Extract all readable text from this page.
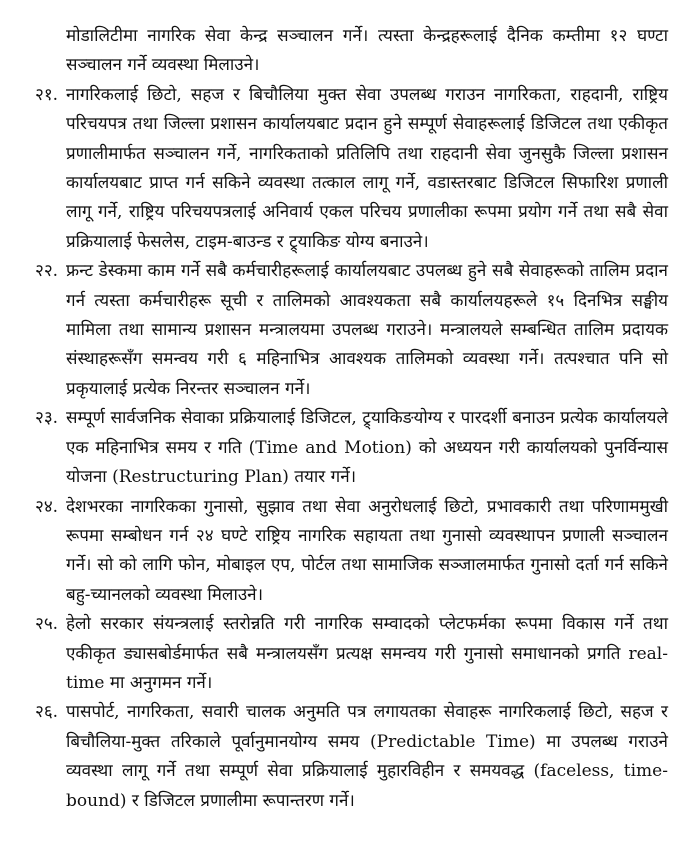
मोडालिटीमा नागरिक सेवा केन्द्र सञ्चालन गर्ने। त्यस्ता केन्द्रहरूलाई दैनिक कम्तीमा १२ घण्टा सञ्चालन गर्ने व्यवस्था मिलाउने।

२१. नागरिकलाई छिटो, सहज र बिचौलिया मुक्त सेवा उपलब्ध गराउन नागरिकता, राहदानी, राष्ट्रिय परिचयपत्र तथा जिल्ला प्रशासन कार्यालयबाट प्रदान हुने सम्पूर्ण सेवाहरूलाई डिजिटल तथा एकीकृत प्रणालीमार्फत सञ्चालन गर्ने, नागरिकताको प्रतिलिपि तथा राहदानी सेवा जुनसुकै जिल्ला प्रशासन कार्यालयबाट प्राप्त गर्न सकिने व्यवस्था तत्काल लागू गर्ने, वडास्तरबाट डिजिटल सिफारिश प्रणाली लागू गर्ने, राष्ट्रिय परिचयपत्रलाई अनिवार्य एकल परिचय प्रणालीका रूपमा प्रयोग गर्ने तथा सबै सेवा प्रक्रियालाई फेसलेस, टाइम-बाउन्ड र ट्र्याकिङ योग्य बनाउने।
२२. फ्रन्ट डेस्कमा काम गर्ने सबै कर्मचारीहरूलाई कार्यालयबाट उपलब्ध हुने सबै सेवाहरूको तालिम प्रदान गर्न त्यस्ता कर्मचारीहरू सूची र तालिमको आवश्यकता सबै कार्यालयहरूले १५ दिनभित्र सङ्घीय मामिला तथा सामान्य प्रशासन मन्त्रालयमा उपलब्ध गराउने। मन्त्रालयले सम्बन्धित तालिम प्रदायक संस्थाहरूसँग समन्वय गरी ६ महिनाभित्र आवश्यक तालिमको व्यवस्था गर्ने। तत्पश्चात पनि सो प्रकृयालाई प्रत्येक निरन्तर सञ्चालन गर्ने।
२३. सम्पूर्ण सार्वजनिक सेवाका प्रक्रियालाई डिजिटल, ट्र्याकिङयोग्य र पारदर्शी बनाउन प्रत्येक कार्यालयले एक महिनाभित्र समय र गति (Time and Motion) को अध्ययन गरी कार्यालयको पुनर्विन्यास योजना (Restructuring Plan) तयार गर्ने।
२४. देशभरका नागरिकका गुनासो, सुझाव तथा सेवा अनुरोधलाई छिटो, प्रभावकारी तथा परिणाममुखी रूपमा सम्बोधन गर्न २४ घण्टे राष्ट्रिय नागरिक सहायता तथा गुनासो व्यवस्थापन प्रणाली सञ्चालन गर्ने। सो को लागि फोन, मोबाइल एप, पोर्टल तथा सामाजिक सञ्जालमार्फत गुनासो दर्ता गर्न सकिने बहु-च्यानलको व्यवस्था मिलाउने।
२५. हेलो सरकार संयन्त्रलाई स्तरोन्नति गरी नागरिक सम्वादको प्लेटफर्मका रूपमा विकास गर्ने तथा एकीकृत ड्यासबोर्डमार्फत सबै मन्त्रालयसँग प्रत्यक्ष समन्वय गरी गुनासो समाधानको प्रगति real-time मा अनुगमन गर्ने।
२६. पासपोर्ट, नागरिकता, सवारी चालक अनुमति पत्र लगायतका सेवाहरू नागरिकलाई छिटो, सहज र बिचौलिया-मुक्त तरिकाले पूर्वानुमानयोग्य समय (Predictable Time) मा उपलब्ध गराउने व्यवस्था लागू गर्ने तथा सम्पूर्ण सेवा प्रक्रियालाई मुहारविहीन र समयवद्ध (faceless, time-bound) र डिजिटल प्रणालीमा रूपान्तरण गर्ने।
